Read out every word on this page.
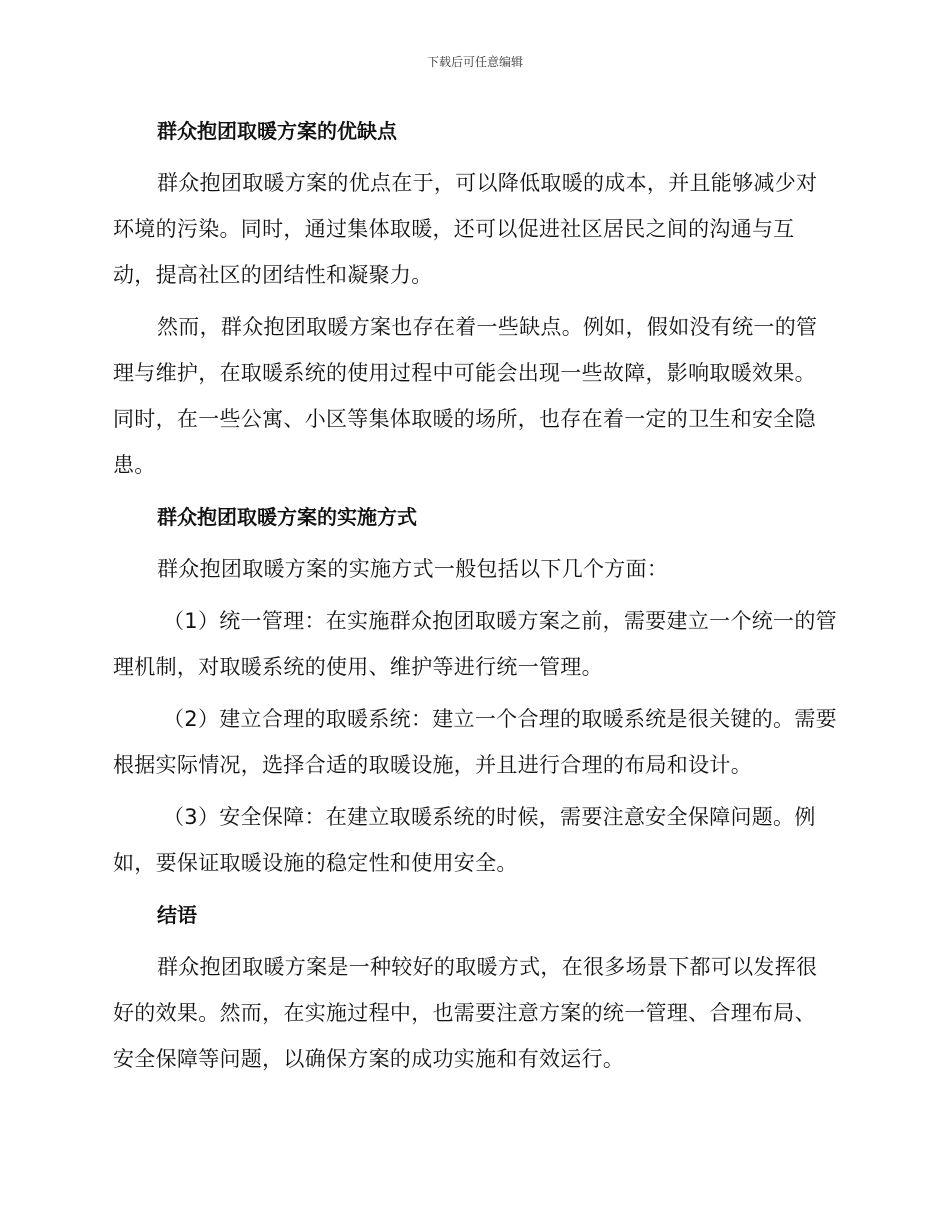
下载后可任意编辑
群众抱团取暖方案的优缺点

群众抱团取暖方案的优点在于，可以降低取暖的成本，并且能够减少对环境的污染。同时，通过集体取暖，还可以促进社区居民之间的沟通与互动，提高社区的团结性和凝聚力。

然而，群众抱团取暖方案也存在着一些缺点。例如，假如没有统一的管理与维护，在取暖系统的使用过程中可能会出现一些故障，影响取暖效果。同时，在一些公寓、小区等集体取暖的场所，也存在着一定的卫生和安全隐患。

群众抱团取暖方案的实施方式

群众抱团取暖方案的实施方式一般包括以下几个方面：

（1）统一管理：在实施群众抱团取暖方案之前，需要建立一个统一的管理机制，对取暖系统的使用、维护等进行统一管理。

（2）建立合理的取暖系统：建立一个合理的取暖系统是很关键的。需要根据实际情况，选择合适的取暖设施，并且进行合理的布局和设计。

（3）安全保障：在建立取暖系统的时候，需要注意安全保障问题。例如，要保证取暖设施的稳定性和使用安全。

结语

群众抱团取暖方案是一种较好的取暖方式，在很多场景下都可以发挥很好的效果。然而，在实施过程中，也需要注意方案的统一管理、合理布局、安全保障等问题，以确保方案的成功实施和有效运行。
